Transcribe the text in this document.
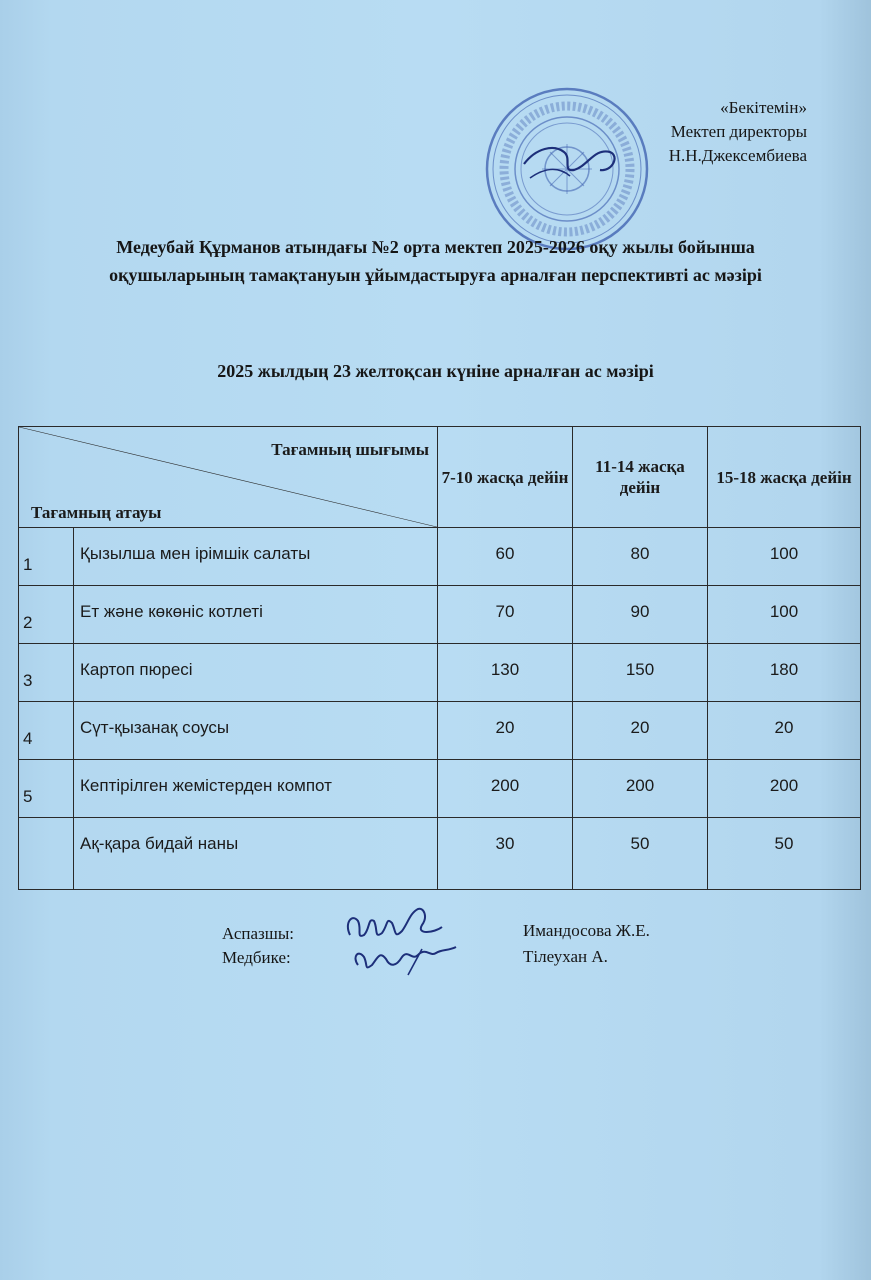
«Бекітемін»
Мектеп директоры
Н.Н.Джексембиева
Медеубай Құрманов атындағы №2 орта мектеп 2025-2026 оқу жылы бойынша оқушыларының тамақтануын ұйымдастыруға арналған перспективті ас мәзірі
2025 жылдың 23 желтоқсан күніне арналған ас мәзірі
Тағамның шығымы
Тағамның атауы		7-10 жасқа дейін	11-14 жасқа дейін	15-18 жасқа дейін
1	Қызылша мен ірімшік салаты	60	80	100
2	Ет және көкөніс котлеті	70	90	100
3	Картоп пюресі	130	150	180
4	Сүт-қызанақ соусы	20	20	20
5	Кептірілген жемістерден компот	200	200	200
	Ақ-қара бидай наны	30	50	50
Аспазшы:
Медбике:
Имандосова Ж.Е.
Тілеухан А.
